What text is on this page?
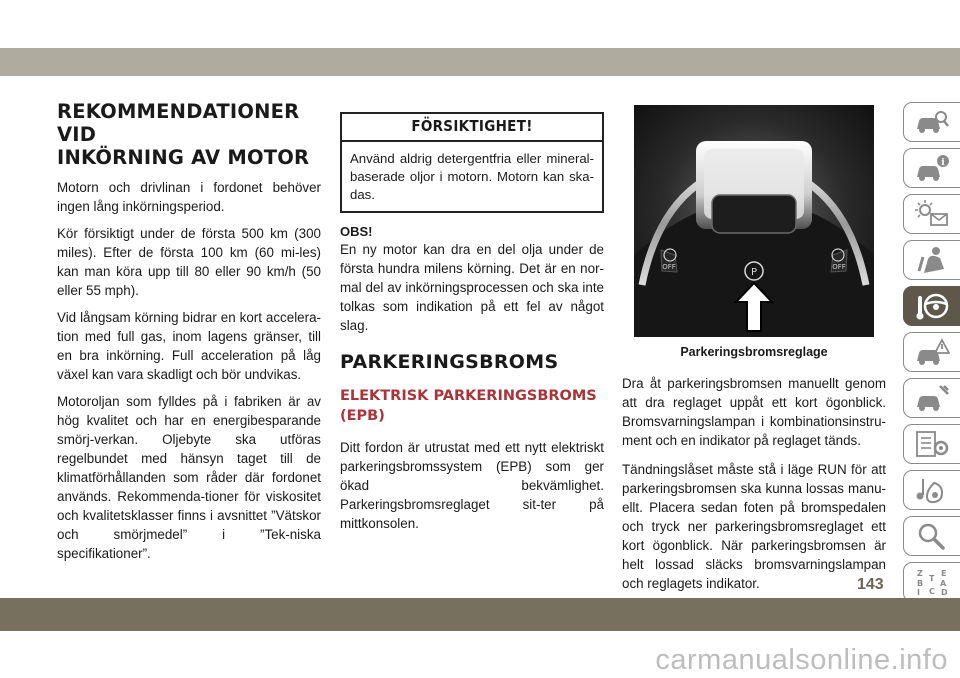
REKOMMENDATIONER VID
INKÖRNING AV MOTOR

Motorn och drivlinan i fordonet behöver ingen lång inkörningsperiod.

Kör försiktigt under de första 500 km (300 miles). Efter de första 100 km (60 mi-les) kan man köra upp till 80 eller 90 km/h (50 eller 55 mph).

Vid långsam körning bidrar en kort accelera-tion med full gas, inom lagens gränser, till en bra inkörning. Full acceleration på låg växel kan vara skadligt och bör undvikas.

Motoroljan som fylldes på i fabriken är av hög kvalitet och har en energibesparande smörj-verkan. Oljebyte ska utföras regelbundet med hänsyn taget till de klimatförhållanden som råder där fordonet används. Rekommenda-tioner för viskositet och kvalitetsklasser finns i avsnittet ”Vätskor och smörjmedel” i ”Tek-niska specifikationer”.

FÖRSIKTIGHET!
Använd aldrig detergentfria eller mineral-baserade oljor i motorn. Motorn kan ska-das.
OBS!

En ny motor kan dra en del olja under de första hundra milens körning. Det är en nor-mal del av inkörningsprocessen och ska inte tolkas som indikation på ett fel av något slag.

PARKERINGSBROMS
ELEKTRISK PARKERINGSBROMS (EPB)

Ditt fordon är utrustat med ett nytt elektriskt parkeringsbromssystem (EPB) som ger ökad bekvämlighet. Parkeringsbromsreglaget sit-ter på mittkonsolen.

P
OFF	OFF
Parkeringsbromsreglage

Dra åt parkeringsbromsen manuellt genom att dra reglaget uppåt ett kort ögonblick. Bromsvarningslampan i kombinationsinstru-ment och en indikator på reglaget tänds.

Tändningslåset måste stå i läge RUN för att parkeringsbromsen ska kunna lossas manu-ellt. Placera sedan foten på bromspedalen och tryck ner parkeringsbromsreglaget ett kort ögonblick. När parkeringsbromsen är helt lossad släcks bromsvarningslampan och reglagets indikator.

i
Z E
B A
C D
I
T
143
carmanualsonline.info
